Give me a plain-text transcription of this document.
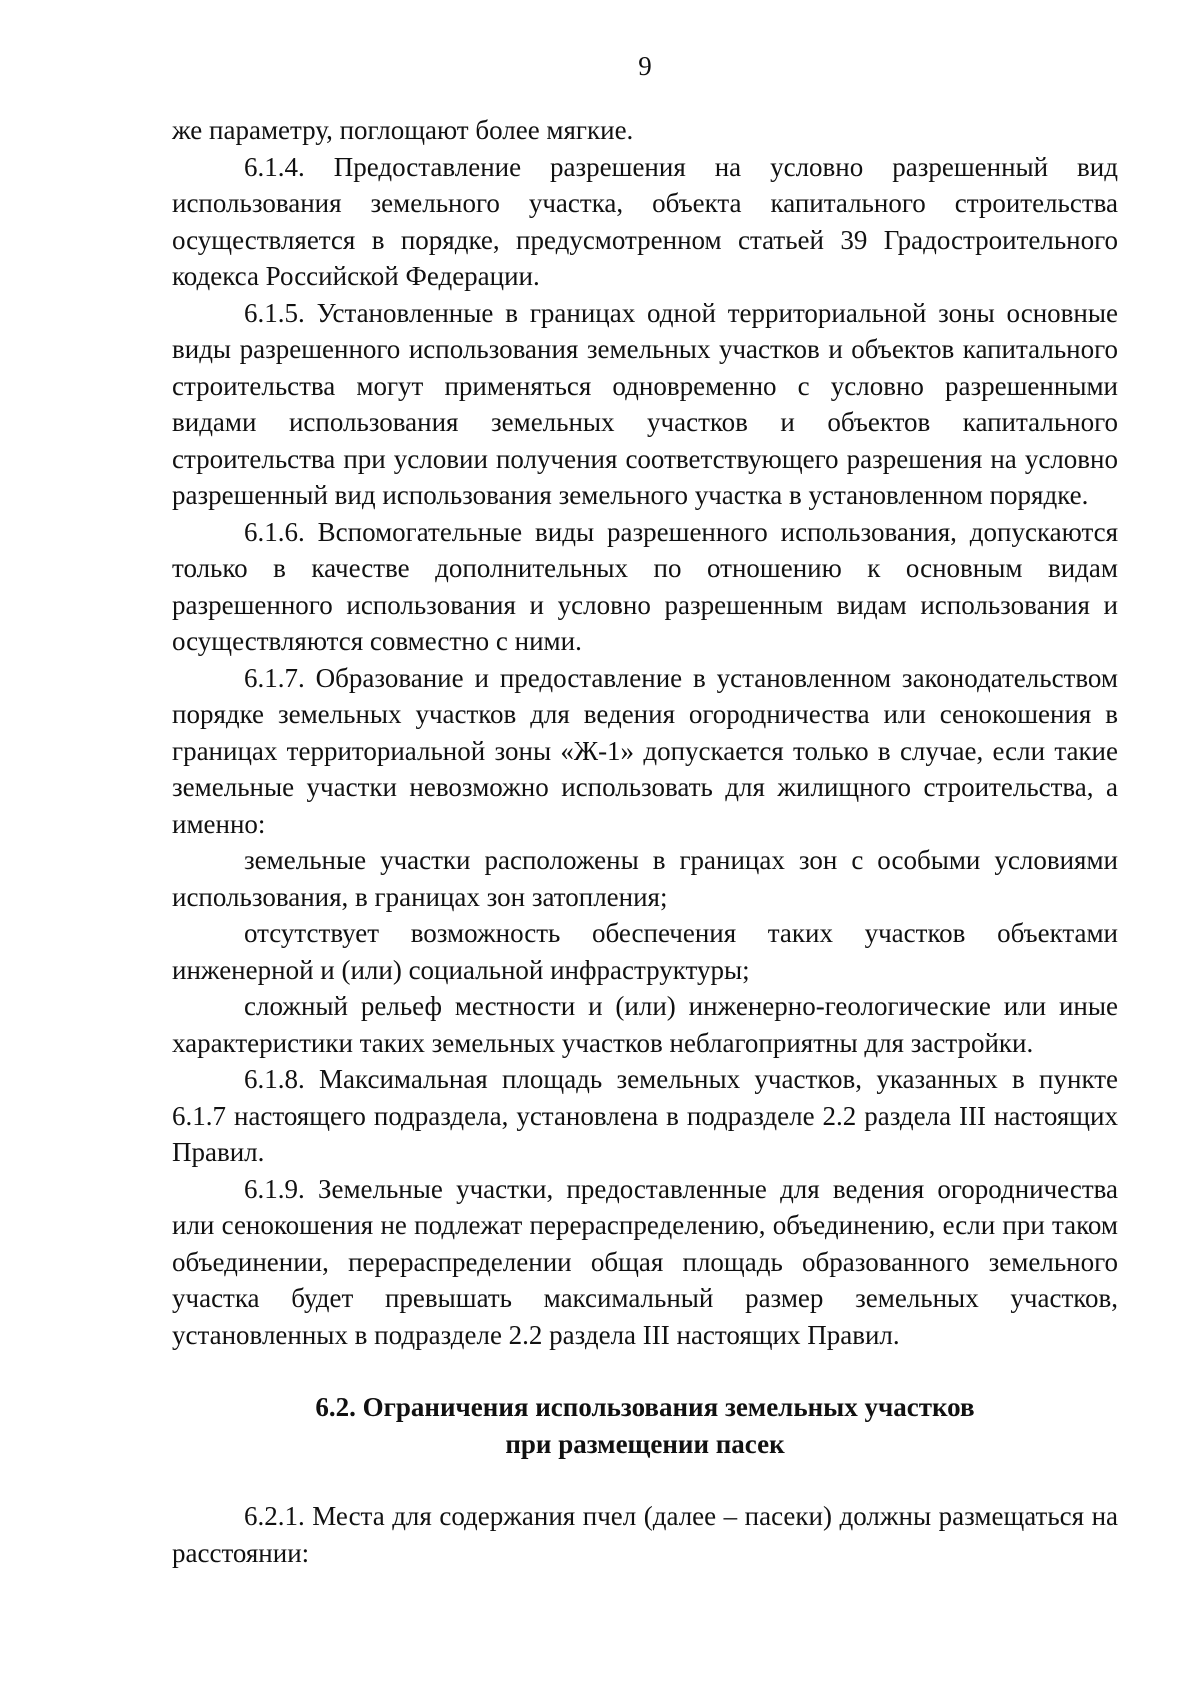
9

же параметру, поглощают более мягкие.

6.1.4. Предоставление разрешения на условно разрешенный вид использования земельного участка, объекта капитального строительства осуществляется в порядке, предусмотренном статьей 39 Градостроительного кодекса Российской Федерации.

6.1.5. Установленные в границах одной территориальной зоны основные виды разрешенного использования земельных участков и объектов капитального строительства могут применяться одновременно с условно разрешенными видами использования земельных участков и объектов капитального строительства при условии получения соответствующего разрешения на условно разрешенный вид использования земельного участка в установленном порядке.

6.1.6. Вспомогательные виды разрешенного использования, допускаются только в качестве дополнительных по отношению к основным видам разрешенного использования и условно разрешенным видам использования и осуществляются совместно с ними.

6.1.7. Образование и предоставление в установленном законодательством порядке земельных участков для ведения огородничества или сенокошения в границах территориальной зоны «Ж-1» допускается только в случае, если такие земельные участки невозможно использовать для жилищного строительства, а именно:

земельные участки расположены в границах зон с особыми условиями использования, в границах зон затопления;

отсутствует возможность обеспечения таких участков объектами инженерной и (или) социальной инфраструктуры;

сложный рельеф местности и (или) инженерно-геологические или иные характеристики таких земельных участков неблагоприятны для застройки.

6.1.8. Максимальная площадь земельных участков, указанных в пункте 6.1.7 настоящего подраздела, установлена в подразделе 2.2 раздела III настоящих Правил.

6.1.9. Земельные участки, предоставленные для ведения огородничества или сенокошения не подлежат перераспределению, объединению, если при таком объединении, перераспределении общая площадь образованного земельного участка будет превышать максимальный размер земельных участков, установленных в подразделе 2.2 раздела III настоящих Правил.

6.2. Ограничения использования земельных участков
при размещении пасек

6.2.1. Места для содержания пчел (далее – пасеки) должны размещаться на расстоянии:
